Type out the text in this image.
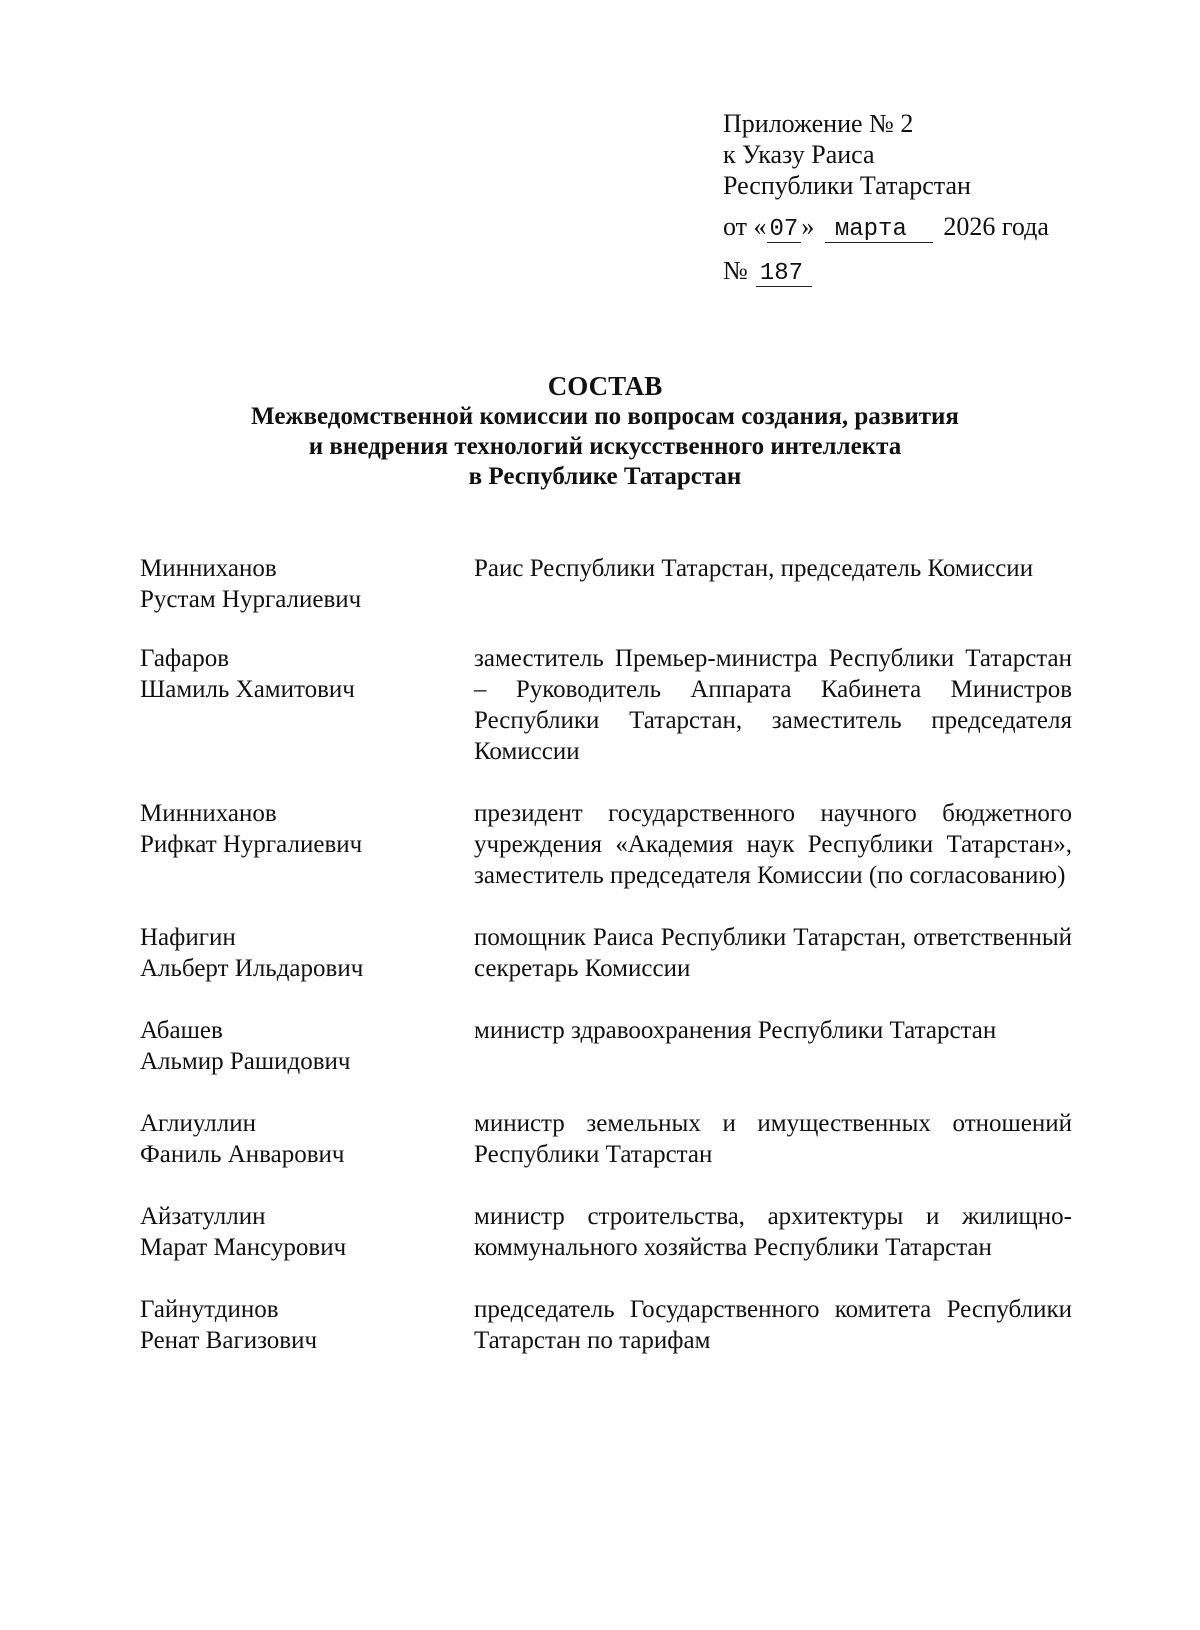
Приложение № 2
к Указу Раиса
Республики Татарстан
от « 07 » марта 2026 года
№ 187
СОСТАВ
Межведомственной комиссии по вопросам создания, развития
и внедрения технологий искусственного интеллекта
в Республике Татарстан
Минниханов
Рустам Нургалиевич
Раис Республики Татарстан, председатель Комиссии
Гафаров
Шамиль Хамитович
заместитель Премьер-министра Республики Татарстан – Руководитель Аппарата Кабинета Министров Республики Татарстан, заместитель председателя Комиссии
Минниханов
Рифкат Нургалиевич
президент государственного научного бюджетного учреждения «Академия наук Республики Татарстан», заместитель председателя Комиссии (по согласованию)
Нафигин
Альберт Ильдарович
помощник Раиса Республики Татарстан, ответственный секретарь Комиссии
Абашев
Альмир Рашидович
министр здравоохранения Республики Татарстан
Аглиуллин
Фаниль Анварович
министр земельных и имущественных отношений Республики Татарстан
Айзатуллин
Марат Мансурович
министр строительства, архитектуры и жилищно-коммунального хозяйства Республики Татарстан
Гайнутдинов
Ренат Вагизович
председатель Государственного комитета Республики Татарстан по тарифам
